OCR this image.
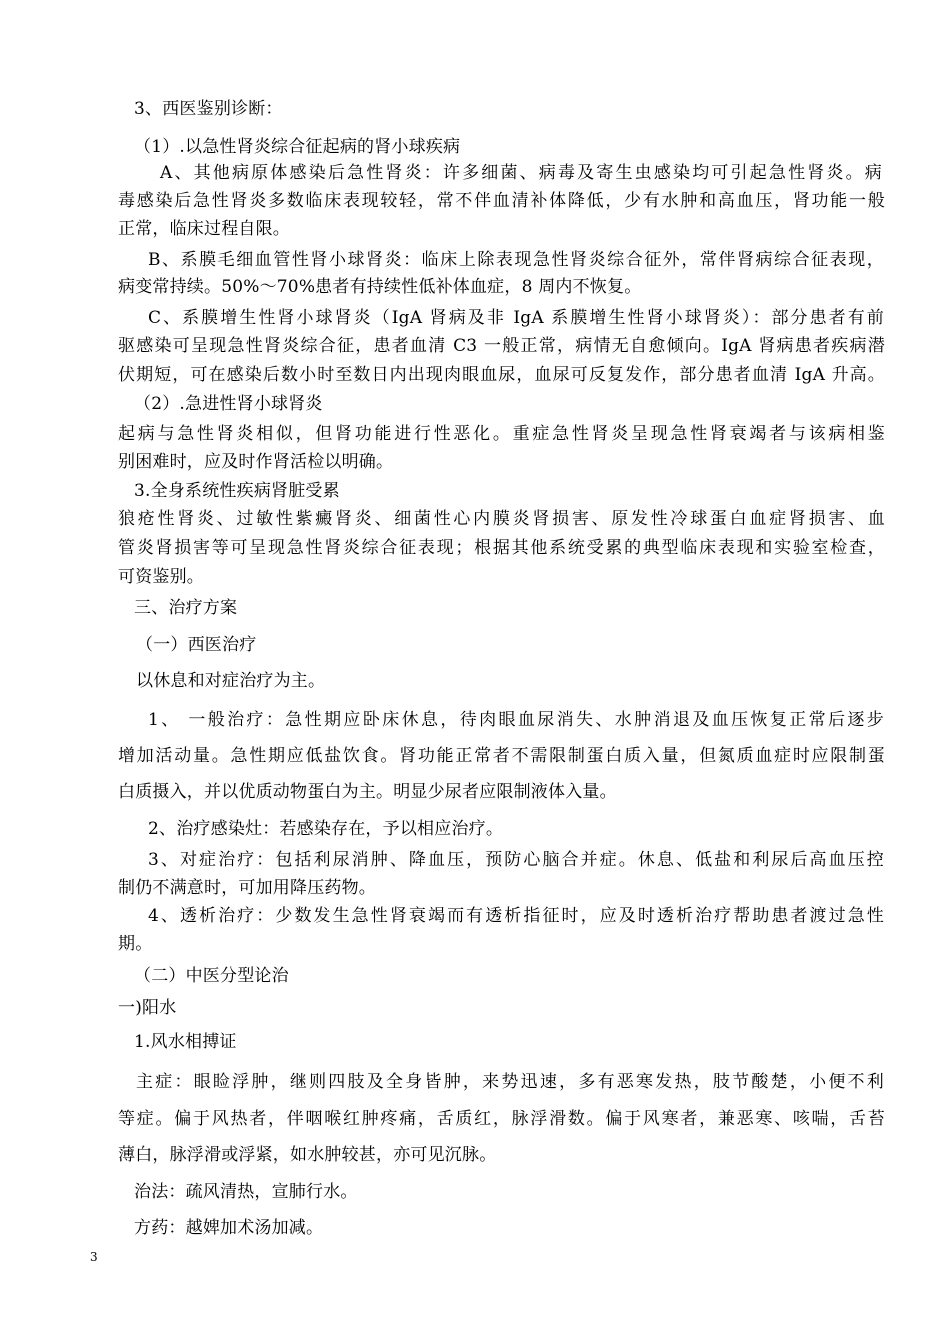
3、西医鉴别诊断：
（1）.以急性肾炎综合征起病的肾小球疾病
A、其他病原体感染后急性肾炎：许多细菌、病毒及寄生虫感染均可引起急性肾炎。病
毒感染后急性肾炎多数临床表现较轻，常不伴血清补体降低，少有水肿和高血压，肾功能一般
正常，临床过程自限。
B、系膜毛细血管性肾小球肾炎：临床上除表现急性肾炎综合征外，常伴肾病综合征表现，
病变常持续。50%～70%患者有持续性低补体血症，8 周内不恢复。
C、系膜增生性肾小球肾炎（IgA 肾病及非 IgA 系膜增生性肾小球肾炎）：部分患者有前
驱感染可呈现急性肾炎综合征，患者血清 C3 一般正常，病情无自愈倾向。IgA 肾病患者疾病潜
伏期短，可在感染后数小时至数日内出现肉眼血尿，血尿可反复发作，部分患者血清 IgA 升高。
（2）.急进性肾小球肾炎
起病与急性肾炎相似，但肾功能进行性恶化。重症急性肾炎呈现急性肾衰竭者与该病相鉴
别困难时，应及时作肾活检以明确。
3.全身系统性疾病肾脏受累
狼疮性肾炎、过敏性紫癜肾炎、细菌性心内膜炎肾损害、原发性冷球蛋白血症肾损害、血
管炎肾损害等可呈现急性肾炎综合征表现；根据其他系统受累的典型临床表现和实验室检查，
可资鉴别。
三、治疗方案
（一）西医治疗
以休息和对症治疗为主。
1、 一般治疗：急性期应卧床休息，待肉眼血尿消失、水肿消退及血压恢复正常后逐步
增加活动量。急性期应低盐饮食。肾功能正常者不需限制蛋白质入量，但氮质血症时应限制蛋
白质摄入，并以优质动物蛋白为主。明显少尿者应限制液体入量。
2、治疗感染灶：若感染存在，予以相应治疗。
3、对症治疗：包括利尿消肿、降血压，预防心脑合并症。休息、低盐和利尿后高血压控
制仍不满意时，可加用降压药物。
4、透析治疗：少数发生急性肾衰竭而有透析指征时，应及时透析治疗帮助患者渡过急性
期。
（二）中医分型论治
一)阳水
1.风水相搏证
主症：眼睑浮肿，继则四肢及全身皆肿，来势迅速，多有恶寒发热，肢节酸楚，小便不利
等症。偏于风热者，伴咽喉红肿疼痛，舌质红，脉浮滑数。偏于风寒者，兼恶寒、咳喘，舌苔
薄白，脉浮滑或浮紧，如水肿较甚，亦可见沉脉。
治法：疏风清热，宣肺行水。
方药：越婢加术汤加减。
3
